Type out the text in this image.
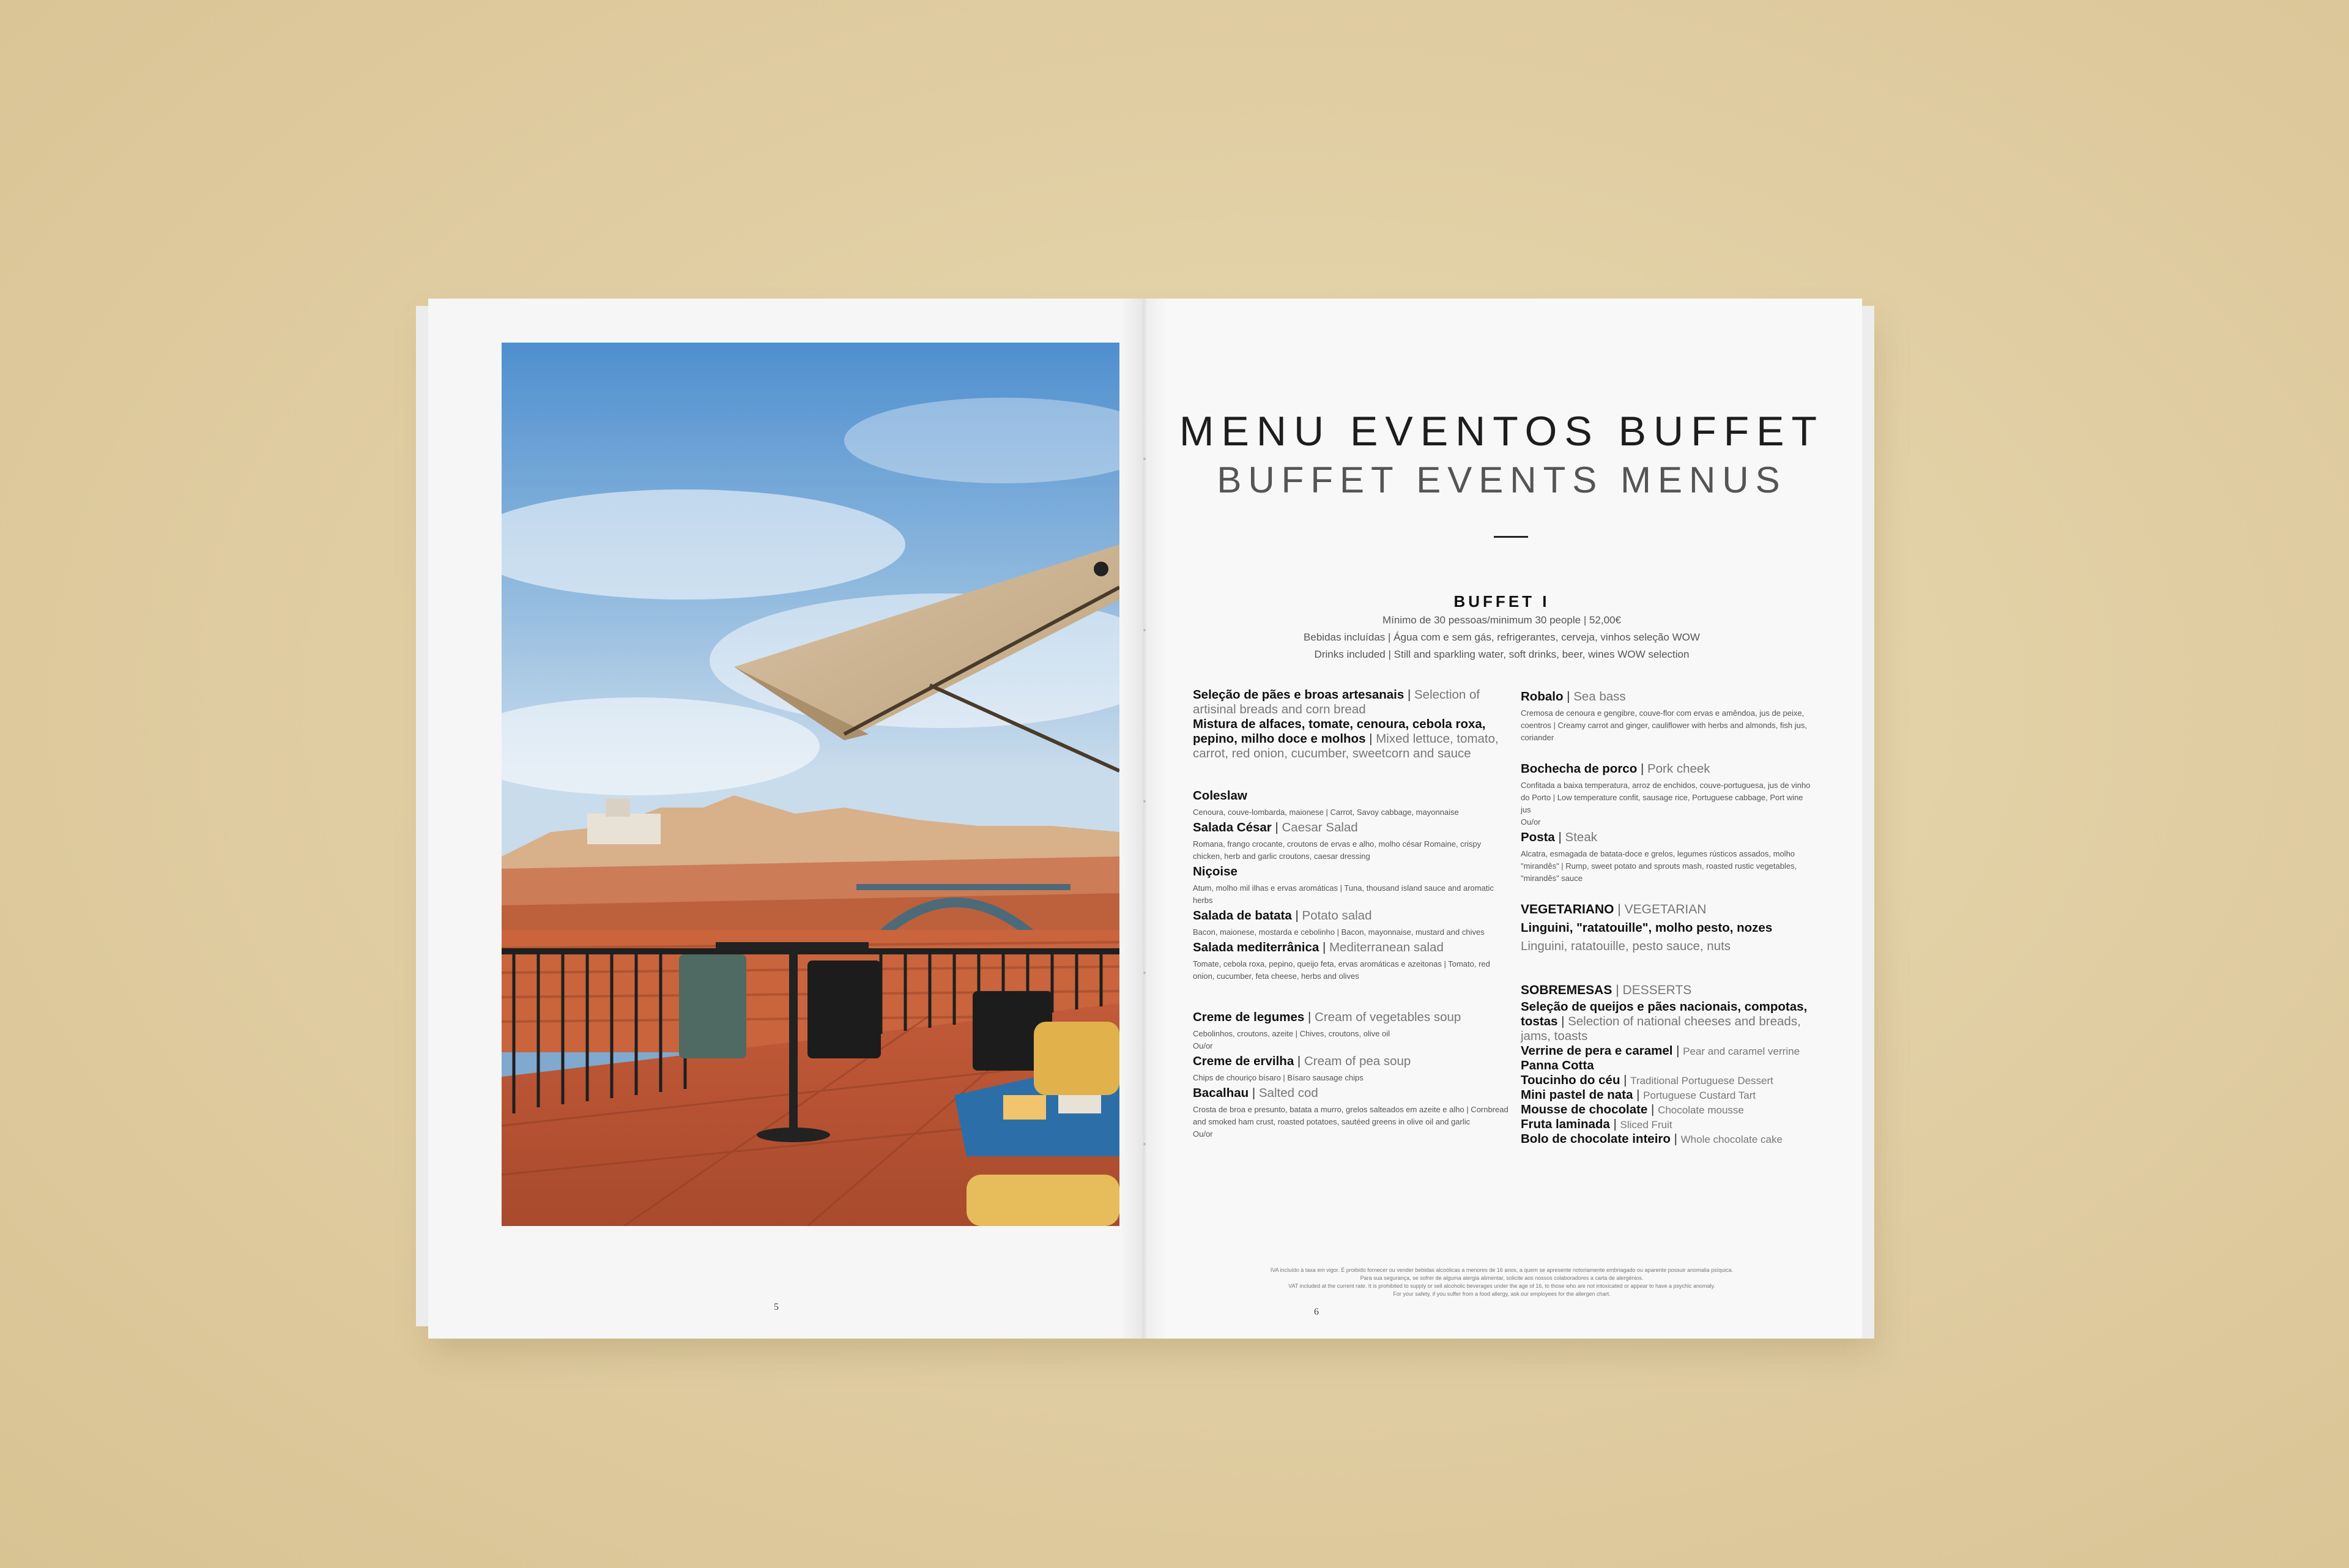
5	6
MENU EVENTOS BUFFET
BUFFET EVENTS MENUS
BUFFET I
Mínimo de 30 pessoas/minimum 30 people | 52,00€
Bebidas incluídas | Água com e sem gás, refrigerantes, cerveja, vinhos seleção WOW
Drinks included | Still and sparkling water, soft drinks, beer, wines WOW selection
Seleção de pães e broas artesanais | Selection of artisinal breads and corn bread
Mistura de alfaces, tomate, cenoura, cebola roxa, pepino, milho doce e molhos | Mixed lettuce, tomato, carrot, red onion, cucumber, sweetcorn and sauce
Coleslaw
Cenoura, couve-lombarda, maionese | Carrot, Savoy cabbage, mayonnaise
Salada César | Caesar Salad
Romana, frango crocante, croutons de ervas e alho, molho césar Romaine, crispy chicken, herb and garlic croutons, caesar dressing
Niçoise
Atum, molho mil ilhas e ervas aromáticas | Tuna, thousand island sauce and aromatic herbs
Salada de batata | Potato salad
Bacon, maionese, mostarda e cebolinho | Bacon, mayonnaise, mustard and chives
Salada mediterrânica | Mediterranean salad
Tomate, cebola roxa, pepino, queijo feta, ervas aromáticas e azeitonas | Tomato, red onion, cucumber, feta cheese, herbs and olives
Creme de legumes | Cream of vegetables soup
Cebolinhos, croutons, azeite | Chives, croutons, olive oil
Ou/or
Creme de ervilha | Cream of pea soup
Chips de chouriço bísaro | Bísaro sausage chips
Bacalhau | Salted cod
Crosta de broa e presunto, batata a murro, grelos salteados em azeite e alho | Cornbread and smoked ham crust, roasted potatoes, sautéed greens in olive oil and garlic
Ou/or
Robalo | Sea bass
Cremosa de cenoura e gengibre, couve-flor com ervas e amêndoa, jus de peixe, coentros | Creamy carrot and ginger, cauliflower with herbs and almonds, fish jus, coriander
Bochecha de porco | Pork cheek
Confitada a baixa temperatura, arroz de enchidos, couve-portuguesa, jus de vinho do Porto | Low temperature confit, sausage rice, Portuguese cabbage, Port wine jus
Ou/or
Posta | Steak
Alcatra, esmagada de batata-doce e grelos, legumes rústicos assados, molho "mirandês" | Rump, sweet potato and sprouts mash, roasted rustic vegetables, "mirandês" sauce
VEGETARIANO | VEGETARIAN
Linguini, "ratatouille", molho pesto, nozes
Linguini, ratatouille, pesto sauce, nuts
SOBREMESAS | DESSERTS
Seleção de queijos e pães nacionais, compotas, tostas | Selection of national cheeses and breads, jams, toasts
Verrine de pera e caramel | Pear and caramel verrine
Panna Cotta
Toucinho do céu | Traditional Portuguese Dessert
Mini pastel de nata | Portuguese Custard Tart
Mousse de chocolate | Chocolate mousse
Fruta laminada | Sliced Fruit
Bolo de chocolate inteiro | Whole chocolate cake
IVA incluído à taxa em vigor. É proibido fornecer ou vender bebidas alcoólicas a menores de 16 anos, a quem se apresente notoriamente embriagado ou aparente possuir anomalia psíquica.
Para sua segurança, se sofrer de alguma alergia alimentar, solicite aos nossos colaboradores a carta de alergénios.
VAT included at the current rate. It is prohibited to supply or sell alcoholic beverages under the age of 16, to those who are not intoxicated or appear to have a psychic anomaly.
For your safety, if you suffer from a food allergy, ask our employees for the allergen chart.
